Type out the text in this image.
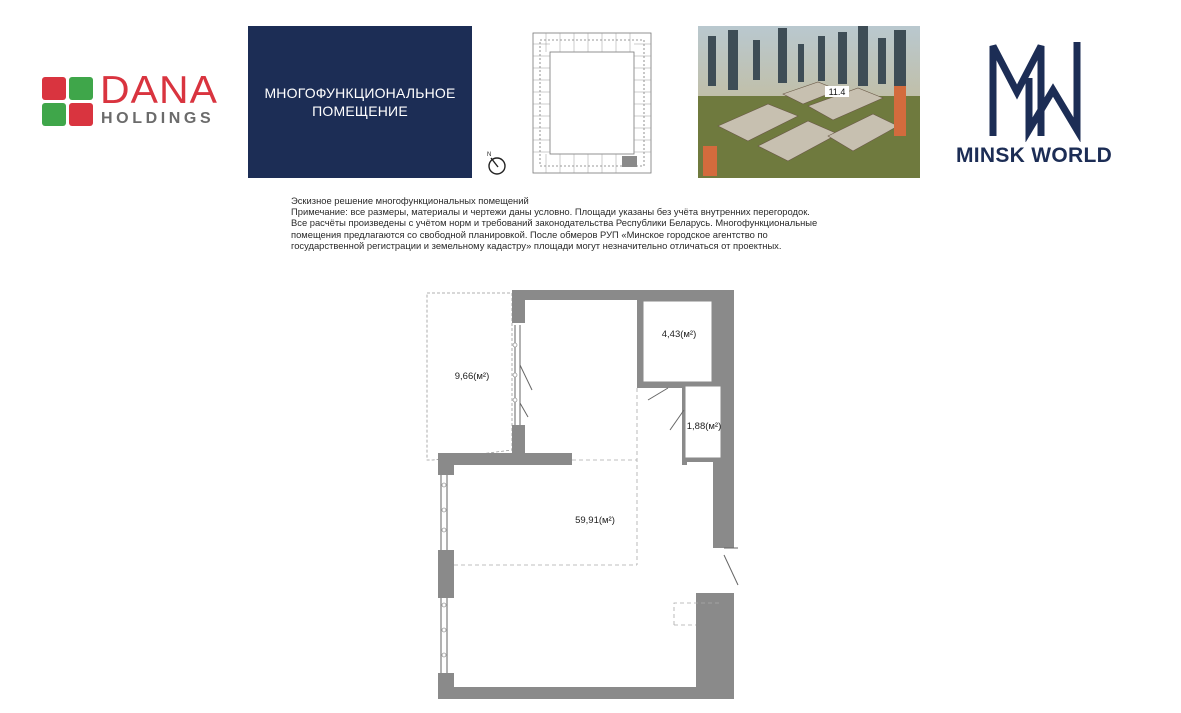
DANA
HOLDINGS
МНОГОФУНКЦИОНАЛЬНОЕ
ПОМЕЩЕНИЕ
N
11.4
MINSK WORLD
Эскизное решение многофункциональных помещений
Примечание: все размеры, материалы и чертежи даны условно. Площади указаны без учёта внутренних перегородок.
Все расчёты произведены с учётом норм и требований законодательства Республики Беларусь. Многофункциональные
помещения предлагаются со свободной планировкой. После обмеров РУП «Минское городское агентство по
государственной регистрации и земельному кадастру» площади могут незначительно отличаться от проектных.
9,66(м²)
4,43(м²)
1,88(м²)
59,91(м²)
